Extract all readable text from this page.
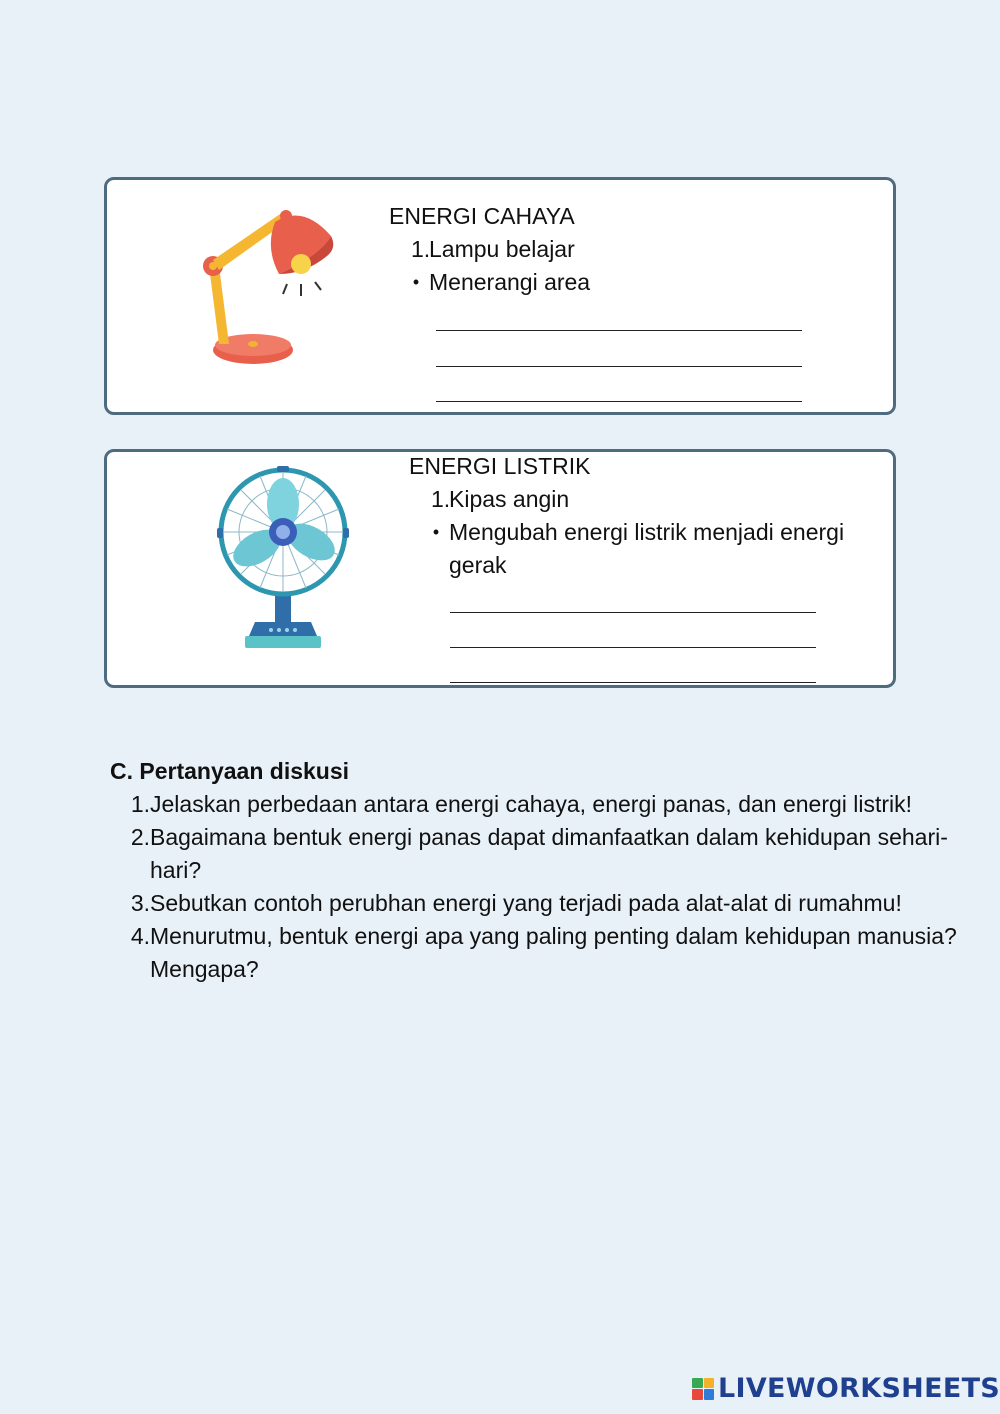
ENERGI CAHAYA
1.
Lampu belajar
• Menerangi area
ENERGI LISTRIK
1.
Kipas angin
• Mengubah energi listrik menjadi energi gerak
C. Pertanyaan diskusi
1. Jelaskan perbedaan antara energi cahaya, energi panas, dan energi listrik!
2. Bagaimana bentuk energi panas dapat dimanfaatkan dalam kehidupan sehari-hari?
3. Sebutkan contoh perubhan energi yang terjadi pada alat-alat di rumahmu!
4. Menurutmu, bentuk energi apa yang paling penting dalam kehidupan manusia? Mengapa?
LIVEWORKSHEETS
